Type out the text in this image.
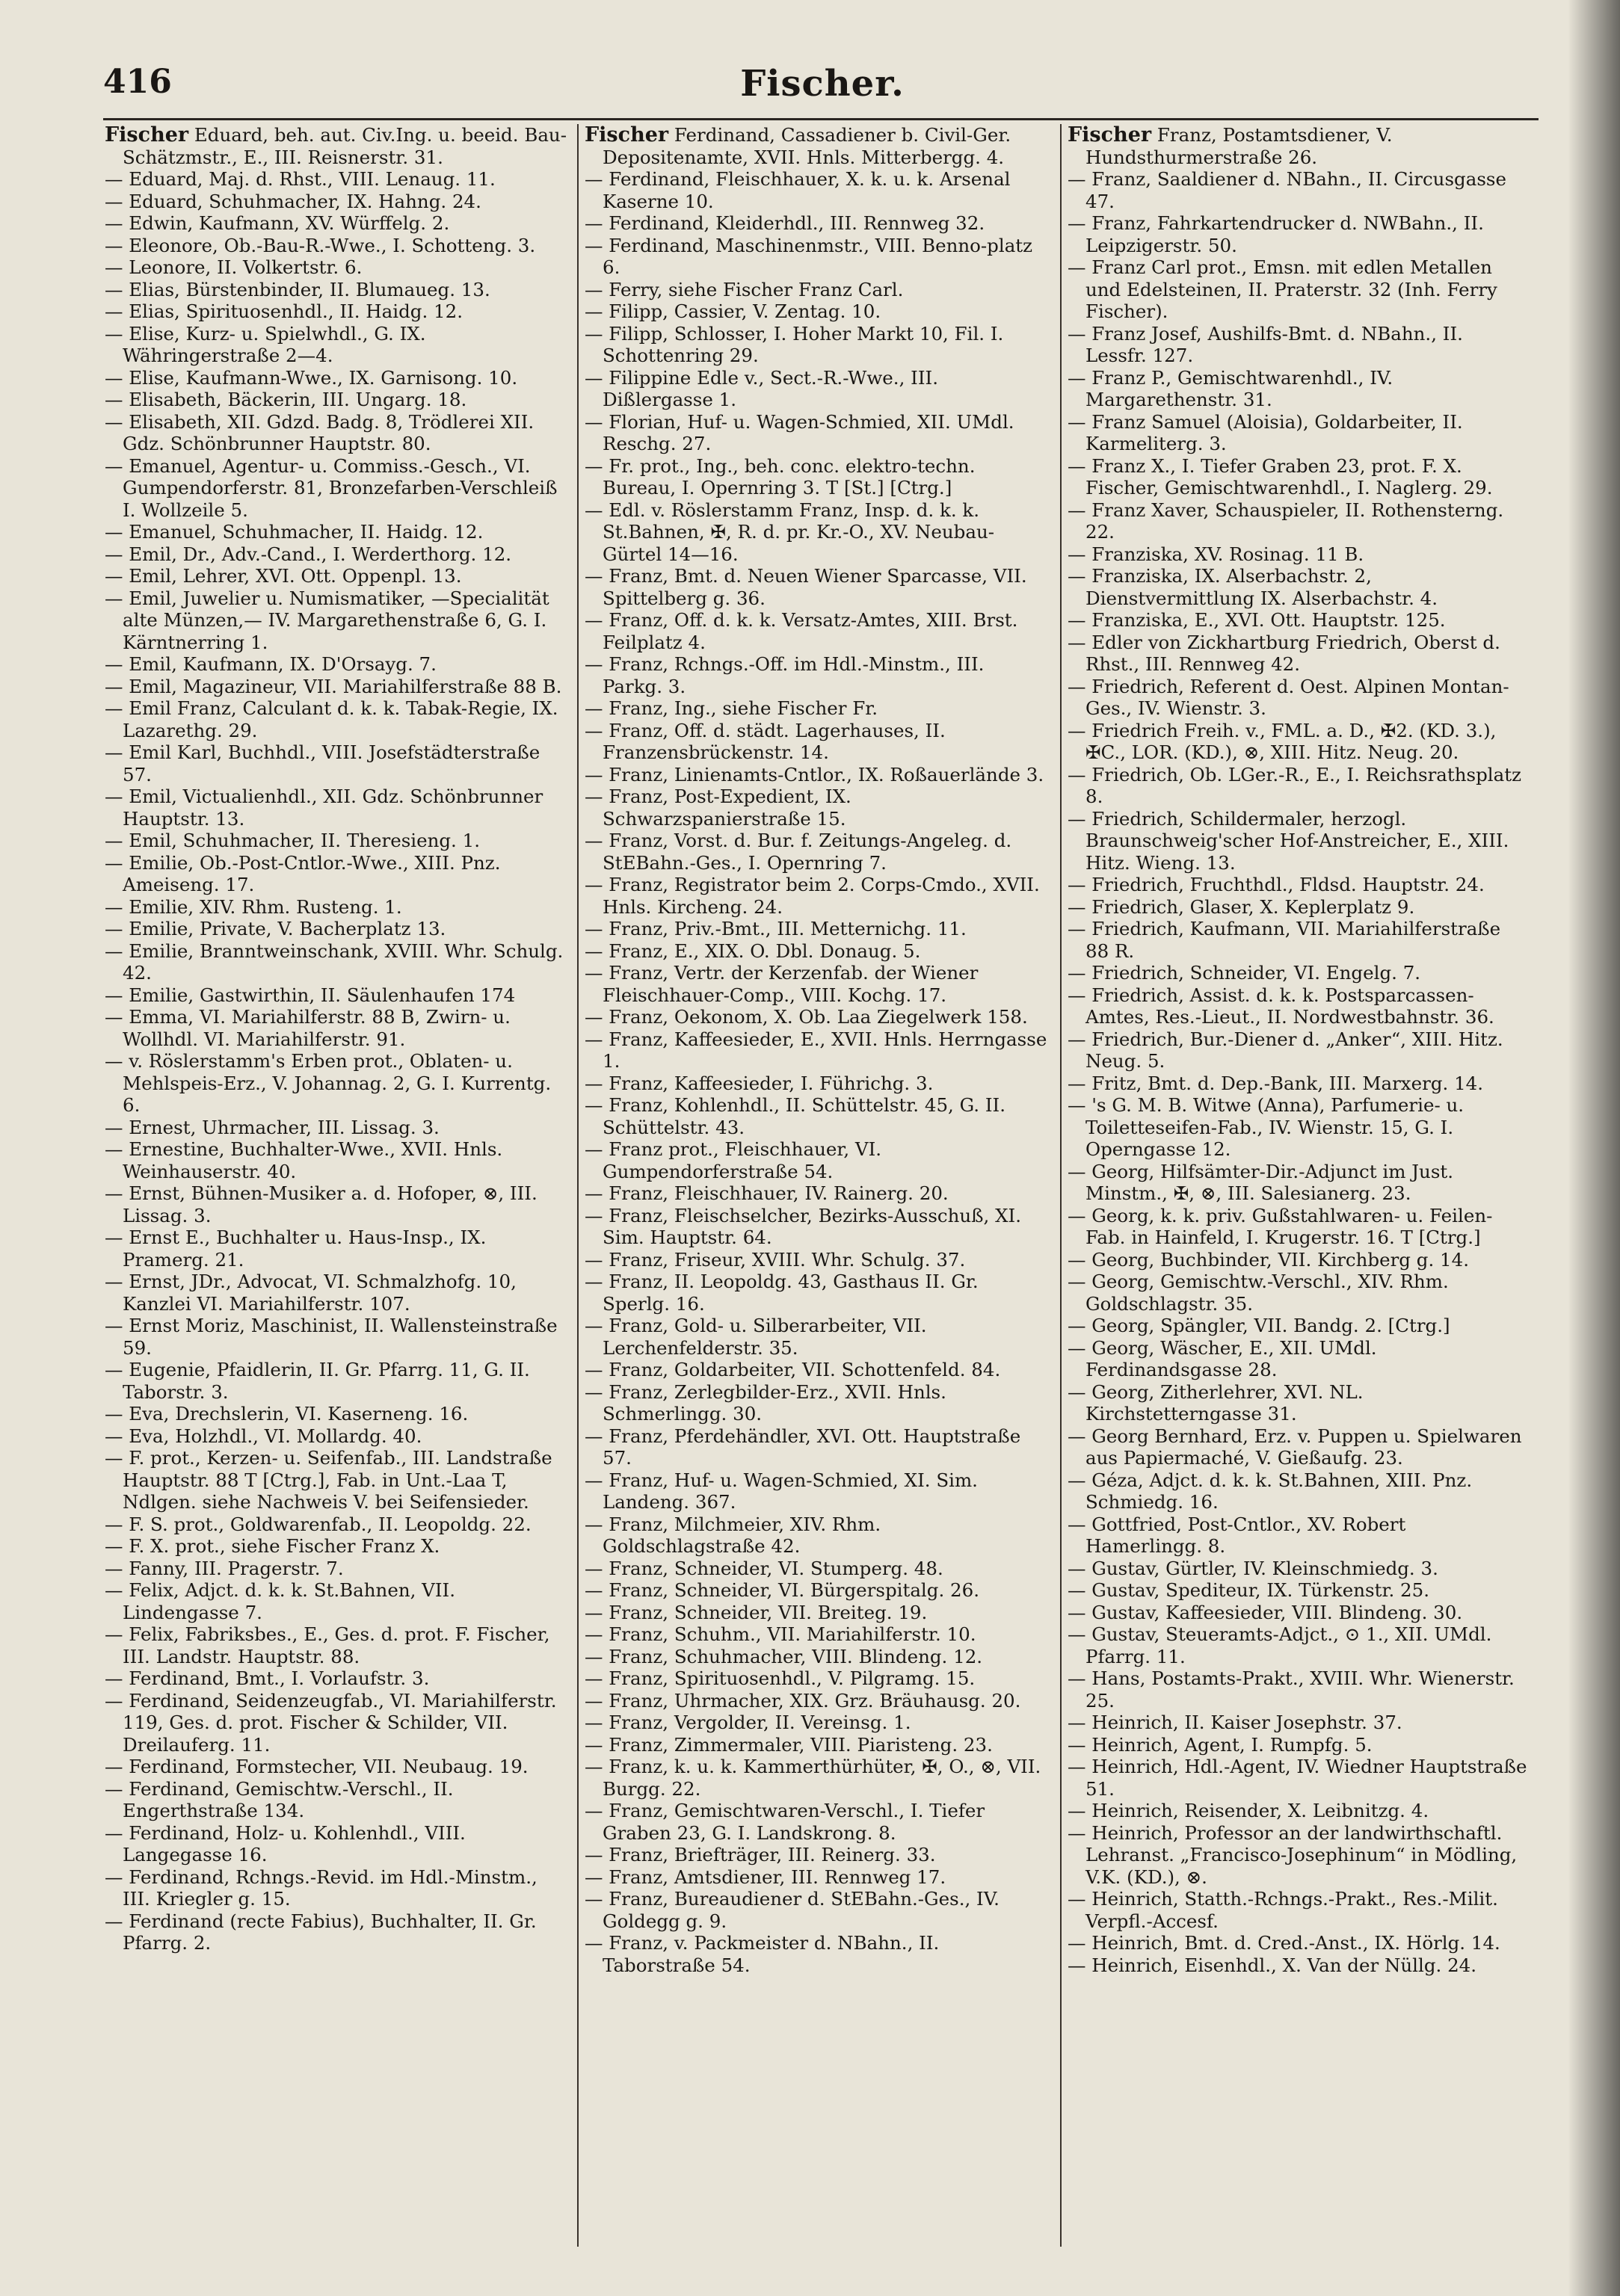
416	Fischer.
Fischer Eduard, beh. aut. Civ.Ing. u. beeid. Bau-Schätzmstr., E., III. Reisnerstr. 31.
— Eduard, Maj. d. Rhst., VIII. Lenaug. 11.
— Eduard, Schuhmacher, IX. Hahng. 24.
— Edwin, Kaufmann, XV. Würffelg. 2.
— Eleonore, Ob.-Bau-R.-Wwe., I. Schotteng. 3.
— Leonore, II. Volkertstr. 6.
— Elias, Bürstenbinder, II. Blumaueg. 13.
— Elias, Spirituosenhdl., II. Haidg. 12.
— Elise, Kurz- u. Spielwhdl., G. IX. Währingerstraße 2—4.
— Elise, Kaufmann-Wwe., IX. Garnisong. 10.
— Elisabeth, Bäckerin, III. Ungarg. 18.
— Elisabeth, XII. Gdzd. Badg. 8, Trödlerei XII. Gdz. Schönbrunner Hauptstr. 80.
— Emanuel, Agentur- u. Commiss.-Gesch., VI. Gumpendorferstr. 81, Bronzefarben-Verschleiß I. Wollzeile 5.
— Emanuel, Schuhmacher, II. Haidg. 12.
— Emil, Dr., Adv.-Cand., I. Werderthorg. 12.
— Emil, Lehrer, XVI. Ott. Oppenpl. 13.
— Emil, Juwelier u. Numismatiker, —Specialität alte Münzen,— IV. Margarethenstraße 6, G. I. Kärntnerring 1.
— Emil, Kaufmann, IX. D'Orsayg. 7.
— Emil, Magazineur, VII. Mariahilferstraße 88 B.
— Emil Franz, Calculant d. k. k. Tabak-Regie, IX. Lazarethg. 29.
— Emil Karl, Buchhdl., VIII. Josefstädterstraße 57.
— Emil, Victualienhdl., XII. Gdz. Schönbrunner Hauptstr. 13.
— Emil, Schuhmacher, II. Theresieng. 1.
— Emilie, Ob.-Post-Cntlor.-Wwe., XIII. Pnz. Ameiseng. 17.
— Emilie, XIV. Rhm. Rusteng. 1.
— Emilie, Private, V. Bacherplatz 13.
— Emilie, Branntweinschank, XVIII. Whr. Schulg. 42.
— Emilie, Gastwirthin, II. Säulenhaufen 174
— Emma, VI. Mariahilferstr. 88 B, Zwirn- u. Wollhdl. VI. Mariahilferstr. 91.
— v. Röslerstamm's Erben prot., Oblaten- u. Mehlspeis-Erz., V. Johannag. 2, G. I. Kurrentg. 6.
— Ernest, Uhrmacher, III. Lissag. 3.
— Ernestine, Buchhalter-Wwe., XVII. Hnls. Weinhauserstr. 40.
— Ernst, Bühnen-Musiker a. d. Hofoper, ⊗, III. Lissag. 3.
— Ernst E., Buchhalter u. Haus-Insp., IX. Pramerg. 21.
— Ernst, JDr., Advocat, VI. Schmalzhofg. 10, Kanzlei VI. Mariahilferstr. 107.
— Ernst Moriz, Maschinist, II. Wallensteinstraße 59.
— Eugenie, Pfaidlerin, II. Gr. Pfarrg. 11, G. II. Taborstr. 3.
— Eva, Drechslerin, VI. Kaserneng. 16.
— Eva, Holzhdl., VI. Mollardg. 40.
— F. prot., Kerzen- u. Seifenfab., III. Landstraße Hauptstr. 88 T [Ctrg.], Fab. in Unt.-Laa T, Ndlgen. siehe Nachweis V. bei Seifensieder.
— F. S. prot., Goldwarenfab., II. Leopoldg. 22.
— F. X. prot., siehe Fischer Franz X.
— Fanny, III. Pragerstr. 7.
— Felix, Adjct. d. k. k. St.Bahnen, VII. Lindengasse 7.
— Felix, Fabriksbes., E., Ges. d. prot. F. Fischer, III. Landstr. Hauptstr. 88.
— Ferdinand, Bmt., I. Vorlaufstr. 3.
— Ferdinand, Seidenzeugfab., VI. Mariahilferstr. 119, Ges. d. prot. Fischer & Schilder, VII. Dreilauferg. 11.
— Ferdinand, Formstecher, VII. Neubaug. 19.
— Ferdinand, Gemischtw.-Verschl., II. Engerthstraße 134.
— Ferdinand, Holz- u. Kohlenhdl., VIII. Langegasse 16.
— Ferdinand, Rchngs.-Revid. im Hdl.-Minstm., III. Kriegler g. 15.
— Ferdinand (recte Fabius), Buchhalter, II. Gr. Pfarrg. 2.
Fischer Ferdinand, Cassadiener b. Civil-Ger. Depositenamte, XVII. Hnls. Mitterbergg. 4.
— Ferdinand, Fleischhauer, X. k. u. k. Arsenal Kaserne 10.
— Ferdinand, Kleiderhdl., III. Rennweg 32.
— Ferdinand, Maschinenmstr., VIII. Benno-platz 6.
— Ferry, siehe Fischer Franz Carl.
— Filipp, Cassier, V. Zentag. 10.
— Filipp, Schlosser, I. Hoher Markt 10, Fil. I. Schottenring 29.
— Filippine Edle v., Sect.-R.-Wwe., III. Dißlergasse 1.
— Florian, Huf- u. Wagen-Schmied, XII. UMdl. Reschg. 27.
— Fr. prot., Ing., beh. conc. elektro-techn. Bureau, I. Opernring 3. T [St.] [Ctrg.]
— Edl. v. Röslerstamm Franz, Insp. d. k. k. St.Bahnen, ✠, R. d. pr. Kr.-O., XV. Neubau-Gürtel 14—16.
— Franz, Bmt. d. Neuen Wiener Sparcasse, VII. Spittelberg g. 36.
— Franz, Off. d. k. k. Versatz-Amtes, XIII. Brst. Feilplatz 4.
— Franz, Rchngs.-Off. im Hdl.-Minstm., III. Parkg. 3.
— Franz, Ing., siehe Fischer Fr.
— Franz, Off. d. städt. Lagerhauses, II. Franzensbrückenstr. 14.
— Franz, Linienamts-Cntlor., IX. Roßauerlände 3.
— Franz, Post-Expedient, IX. Schwarzspanierstraße 15.
— Franz, Vorst. d. Bur. f. Zeitungs-Angeleg. d. StEBahn.-Ges., I. Opernring 7.
— Franz, Registrator beim 2. Corps-Cmdo., XVII. Hnls. Kircheng. 24.
— Franz, Priv.-Bmt., III. Metternichg. 11.
— Franz, E., XIX. O. Dbl. Donaug. 5.
— Franz, Vertr. der Kerzenfab. der Wiener Fleischhauer-Comp., VIII. Kochg. 17.
— Franz, Oekonom, X. Ob. Laa Ziegelwerk 158.
— Franz, Kaffeesieder, E., XVII. Hnls. Herrngasse 1.
— Franz, Kaffeesieder, I. Führichg. 3.
— Franz, Kohlenhdl., II. Schüttelstr. 45, G. II. Schüttelstr. 43.
— Franz prot., Fleischhauer, VI. Gumpendorferstraße 54.
— Franz, Fleischhauer, IV. Rainerg. 20.
— Franz, Fleischselcher, Bezirks-Ausschuß, XI. Sim. Hauptstr. 64.
— Franz, Friseur, XVIII. Whr. Schulg. 37.
— Franz, II. Leopoldg. 43, Gasthaus II. Gr. Sperlg. 16.
— Franz, Gold- u. Silberarbeiter, VII. Lerchenfelderstr. 35.
— Franz, Goldarbeiter, VII. Schottenfeld. 84.
— Franz, Zerlegbilder-Erz., XVII. Hnls. Schmerlingg. 30.
— Franz, Pferdehändler, XVI. Ott. Hauptstraße 57.
— Franz, Huf- u. Wagen-Schmied, XI. Sim. Landeng. 367.
— Franz, Milchmeier, XIV. Rhm. Goldschlagstraße 42.
— Franz, Schneider, VI. Stumperg. 48.
— Franz, Schneider, VI. Bürgerspitalg. 26.
— Franz, Schneider, VII. Breiteg. 19.
— Franz, Schuhm., VII. Mariahilferstr. 10.
— Franz, Schuhmacher, VIII. Blindeng. 12.
— Franz, Spirituosenhdl., V. Pilgramg. 15.
— Franz, Uhrmacher, XIX. Grz. Bräuhausg. 20.
— Franz, Vergolder, II. Vereinsg. 1.
— Franz, Zimmermaler, VIII. Piaristeng. 23.
— Franz, k. u. k. Kammerthürhüter, ✠, O., ⊗, VII. Burgg. 22.
— Franz, Gemischtwaren-Verschl., I. Tiefer Graben 23, G. I. Landskrong. 8.
— Franz, Briefträger, III. Reinerg. 33.
— Franz, Amtsdiener, III. Rennweg 17.
— Franz, Bureaudiener d. StEBahn.-Ges., IV. Goldegg g. 9.
— Franz, v. Packmeister d. NBahn., II. Taborstraße 54.
Fischer Franz, Postamtsdiener, V. Hundsthurmerstraße 26.
— Franz, Saaldiener d. NBahn., II. Circusgasse 47.
— Franz, Fahrkartendrucker d. NWBahn., II. Leipzigerstr. 50.
— Franz Carl prot., Emsn. mit edlen Metallen und Edelsteinen, II. Praterstr. 32 (Inh. Ferry Fischer).
— Franz Josef, Aushilfs-Bmt. d. NBahn., II. Lessfr. 127.
— Franz P., Gemischtwarenhdl., IV. Margarethenstr. 31.
— Franz Samuel (Aloisia), Goldarbeiter, II. Karmeliterg. 3.
— Franz X., I. Tiefer Graben 23, prot. F. X. Fischer, Gemischtwarenhdl., I. Naglerg. 29.
— Franz Xaver, Schauspieler, II. Rothensterng. 22.
— Franziska, XV. Rosinag. 11 B.
— Franziska, IX. Alserbachstr. 2, Dienstvermittlung IX. Alserbachstr. 4.
— Franziska, E., XVI. Ott. Hauptstr. 125.
— Edler von Zickhartburg Friedrich, Oberst d. Rhst., III. Rennweg 42.
— Friedrich, Referent d. Oest. Alpinen Montan-Ges., IV. Wienstr. 3.
— Friedrich Freih. v., FML. a. D., ✠2. (KD. 3.), ✠C., LOR. (KD.), ⊗, XIII. Hitz. Neug. 20.
— Friedrich, Ob. LGer.-R., E., I. Reichsrathsplatz 8.
— Friedrich, Schildermaler, herzogl. Braunschweig'scher Hof-Anstreicher, E., XIII. Hitz. Wieng. 13.
— Friedrich, Fruchthdl., Fldsd. Hauptstr. 24.
— Friedrich, Glaser, X. Keplerplatz 9.
— Friedrich, Kaufmann, VII. Mariahilferstraße 88 R.
— Friedrich, Schneider, VI. Engelg. 7.
— Friedrich, Assist. d. k. k. Postsparcassen-Amtes, Res.-Lieut., II. Nordwestbahnstr. 36.
— Friedrich, Bur.-Diener d. „Anker“, XIII. Hitz. Neug. 5.
— Fritz, Bmt. d. Dep.-Bank, III. Marxerg. 14.
— 's G. M. B. Witwe (Anna), Parfumerie- u. Toiletteseifen-Fab., IV. Wienstr. 15, G. I. Operngasse 12.
— Georg, Hilfsämter-Dir.-Adjunct im Just. Minstm., ✠, ⊗, III. Salesianerg. 23.
— Georg, k. k. priv. Gußstahlwaren- u. Feilen-Fab. in Hainfeld, I. Krugerstr. 16. T [Ctrg.]
— Georg, Buchbinder, VII. Kirchberg g. 14.
— Georg, Gemischtw.-Verschl., XIV. Rhm. Goldschlagstr. 35.
— Georg, Spängler, VII. Bandg. 2. [Ctrg.]
— Georg, Wäscher, E., XII. UMdl. Ferdinandsgasse 28.
— Georg, Zitherlehrer, XVI. NL. Kirchstetterngasse 31.
— Georg Bernhard, Erz. v. Puppen u. Spielwaren aus Papiermaché, V. Gießaufg. 23.
— Géza, Adjct. d. k. k. St.Bahnen, XIII. Pnz. Schmiedg. 16.
— Gottfried, Post-Cntlor., XV. Robert Hamerlingg. 8.
— Gustav, Gürtler, IV. Kleinschmiedg. 3.
— Gustav, Spediteur, IX. Türkenstr. 25.
— Gustav, Kaffeesieder, VIII. Blindeng. 30.
— Gustav, Steueramts-Adjct., ⊙ 1., XII. UMdl. Pfarrg. 11.
— Hans, Postamts-Prakt., XVIII. Whr. Wienerstr. 25.
— Heinrich, II. Kaiser Josephstr. 37.
— Heinrich, Agent, I. Rumpfg. 5.
— Heinrich, Hdl.-Agent, IV. Wiedner Hauptstraße 51.
— Heinrich, Reisender, X. Leibnitzg. 4.
— Heinrich, Professor an der landwirthschaftl. Lehranst. „Francisco-Josephinum“ in Mödling, V.K. (KD.), ⊗.
— Heinrich, Statth.-Rchngs.-Prakt., Res.-Milit. Verpfl.-Accesf.
— Heinrich, Bmt. d. Cred.-Anst., IX. Hörlg. 14.
— Heinrich, Eisenhdl., X. Van der Nüllg. 24.
